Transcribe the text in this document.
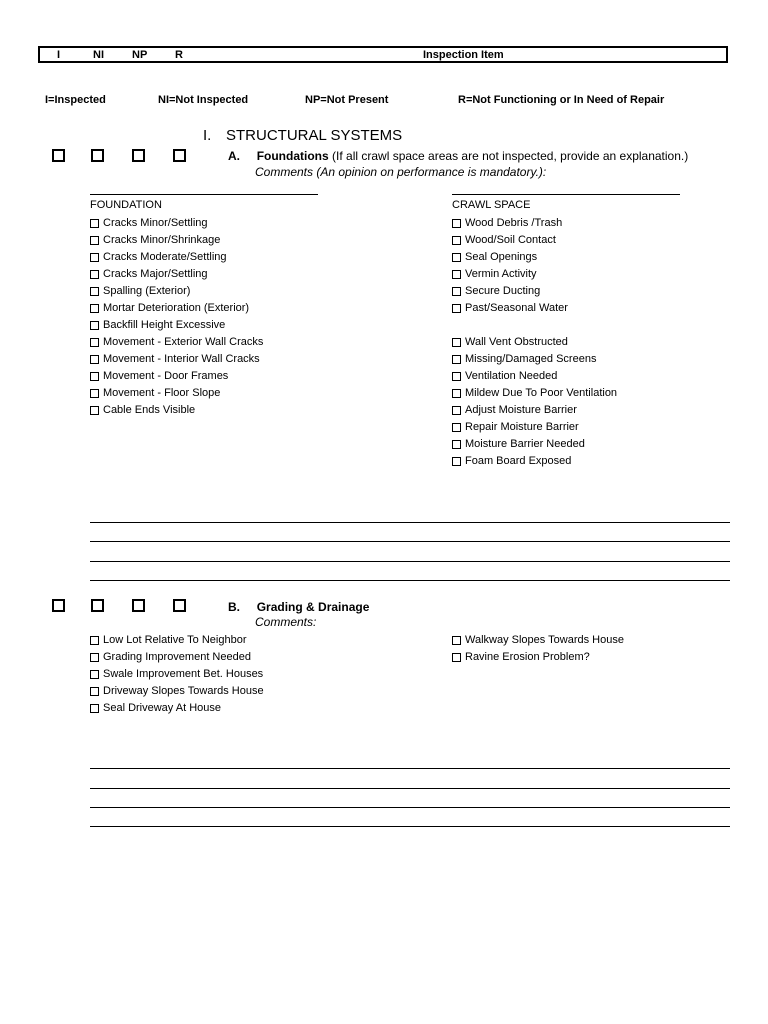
I	NI	NP	R	Inspection Item
I=Inspected	NI=Not Inspected	NP=Not Present	R=Not Functioning or In Need of Repair
I. STRUCTURAL SYSTEMS
A. Foundations (If all crawl space areas are not inspected, provide an explanation.)
Comments (An opinion on performance is mandatory.):
FOUNDATION
Cracks Minor/Settling
Cracks Minor/Shrinkage
Cracks Moderate/Settling
Cracks Major/Settling
Spalling (Exterior)
Mortar Deterioration (Exterior)
Backfill Height Excessive
Movement - Exterior Wall Cracks
Movement - Interior Wall Cracks
Movement - Door Frames
Movement - Floor Slope
Cable Ends Visible
CRAWL SPACE
Wood Debris /Trash
Wood/Soil Contact
Seal Openings
Vermin Activity
Secure Ducting
Past/Seasonal Water
Wall Vent Obstructed
Missing/Damaged Screens
Ventilation Needed
Mildew Due To Poor Ventilation
Adjust Moisture Barrier
Repair Moisture Barrier
Moisture Barrier Needed
Foam Board Exposed
B. Grading & Drainage
Comments:
Low Lot Relative To Neighbor
Grading Improvement Needed
Swale Improvement Bet. Houses
Driveway Slopes Towards House
Seal Driveway At House
Walkway Slopes Towards House
Ravine Erosion Problem?
